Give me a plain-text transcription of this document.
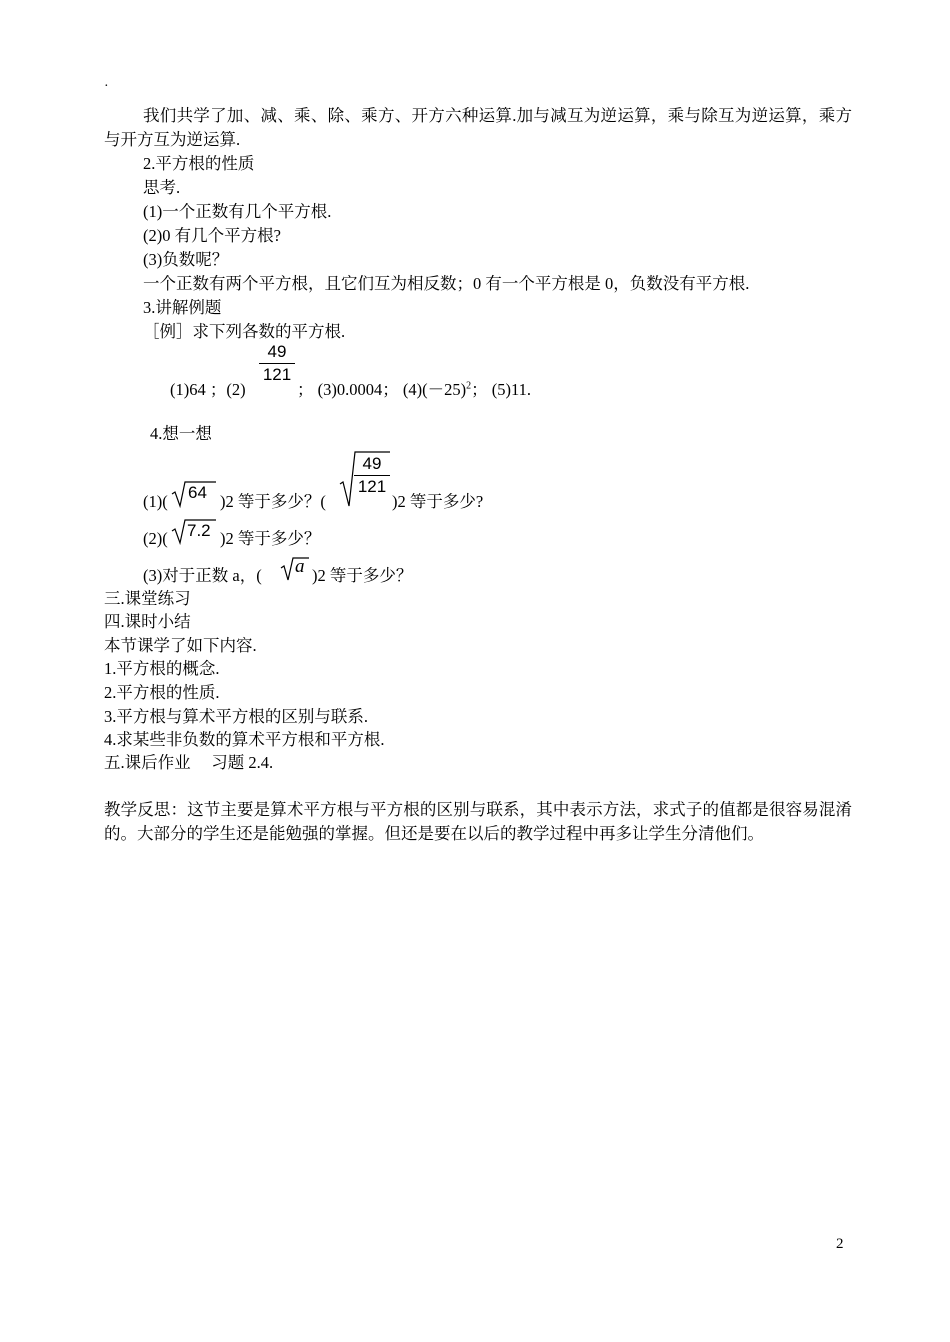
·
我们共学了加、减、乘、除、乘方、开方六种运算.加与减互为逆运算，乘与除互为逆运算，乘方与开方互为逆运算.
2.平方根的性质
思考.
(1)一个正数有几个平方根.
(2)0 有几个平方根?
(3)负数呢？
一个正数有两个平方根，且它们互为相反数；0 有一个平方根是 0，负数没有平方根.
3.讲解例题
［例］求下列各数的平方根.
(1)64 ；(2)
$\frac{49}{121}$
； (3)0.0004； $(4)(-25)^2$； (5)11.
4.想一想
(1)( 64 )2 等于多少？(
$\frac{49}{121}$
)2 等于多少?
(2)( 7.2 )2 等于多少？
(3)对于正数 a，( a )2 等于多少？
三.课堂练习
四.课时小结
本节课学了如下内容.
1.平方根的概念.
2.平方根的性质.
3.平方根与算术平方根的区别与联系.
4.求某些非负数的算术平方根和平方根.
五.课后作业     习题 2.4.
教学反思：这节主要是算术平方根与平方根的区别与联系，其中表示方法，求式子的值都是很容易混淆的。大部分的学生还是能勉强的掌握。但还是要在以后的教学过程中再多让学生分清他们。
2
